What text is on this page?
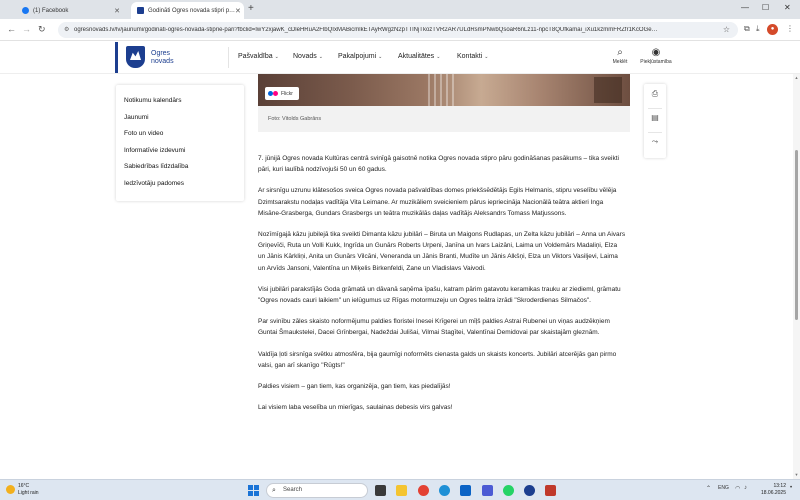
(1) Facebook	✕	Godināti Ogres novada stipri p… ✕ +	— ☐ ✕
← → ↻	⚙ ogresnovads.lv/lv/jaunumi/godinati-ogres-novada-stiprie-pari?fbclid=IwY2xjawK_cDleHRuA2FlbQIxMABicmlkETAyRWgzN2pTTlNjTkozTVR2AR7ULdRsmPNwbQsoaR6nLz11-npcT8QUfkamai_iXu1kzmmFRZfr1KcOGe…	☆ ⧉ ⤓	●	⋮
Ogres
novads
Pašvaldība ⌄	Novads ⌄	Pakalpojumi ⌄	Aktualitātes ⌄	Kontakti ⌄	⌕
Meklēt
◉
Piekļūstamība
Notikumu kalendārs
Jaunumi
Foto un video
Informatīvie izdevumi
Sabiedrības līdzdalība
Iedzīvotāju padomes
Flickr
Foto: Vitolds Gabrāns

7. jūnijā Ogres novada Kultūras centrā svinīgā gaisotnē notika Ogres novada stipro pāru godināšanas pasākums – tika sveikti pāri, kuri laulībā nodzīvojuši 50 un 60 gadus.

Ar sirsnīgu uzrunu klātesošos sveica Ogres novada pašvaldības domes priekšsēdētājs Egils Helmanis, stipru veselību vēlēja Dzimtsarakstu nodaļas vadītāja Vita Leimane. Ar muzikāliem sveicieniem pārus iepriecināja Nacionālā teātra aktieri Inga Misāne-Grasberga, Gundars Grasbergs un teātra muzikālās daļas vadītājs Aleksandrs Tomass Matjussons.

Nozīmīgajā kāzu jubilejā tika sveikti Dimanta kāzu jubilāri – Biruta un Maigons Rudlapas, un Zelta kāzu jubilāri – Anna un Aivars Griņevīči, Ruta un Volli Kukk, Ingrīda un Gunārs Roberts Urpeni, Janīna un Ivars Laizāni, Laima un Voldemārs Madaliņi, Elza un Jānis Kārkliņi, Anita un Gunārs Vilcāni, Veneranda un Jānis Branti, Mudīte un Jānis Alkšņi, Elza un Viktors Vasiljevi, Laima un Arvīds Jansoni, Valentīna un Miķelis Birkenfeldi, Zane un Vladislavs Vaivodi.

Visi jubilāri parakstījās Goda grāmatā un dāvanā saņēma īpašu, katram pārim gatavotu keramikas trauku ar ziedieml, grāmatu "Ogres novads cauri laikiem" un ielūgumus uz Rīgas motormuzeju un Ogres teātra izrādi "Skroderdienas Silmačos".

Par svinību zāles skaisto noformējumu paldies floristei Inesei Krīgerei un mīļš paldies Astrai Rubenei un viņas audzēkņiem Guntai Šmaukstelei, Dacei Grīnbergai, Nadeždai Julišai, Vilmai Stagītei, Valentīnai Demidovai par skaistajām gleznām.

Valdīja ļoti sirsnīga svētku atmosfēra, bija gaumīgi noformēts cienasta galds un skaists koncerts. Jubilāri atcerējās gan pirmo valsi, gan arī skanīgo "Rūgts!"

Paldies visiem – gan tiem, kas organizēja, gan tiem, kas piedalījās!

Lai visiem laba veselība un mierīgas, saulainas debesis virs galvas!

⎙
▤
⤳
▲
▼
16°C
Light rain	⌕ Search	⌃ ENG ◠ ♪	13:12
18.06.2025
•
